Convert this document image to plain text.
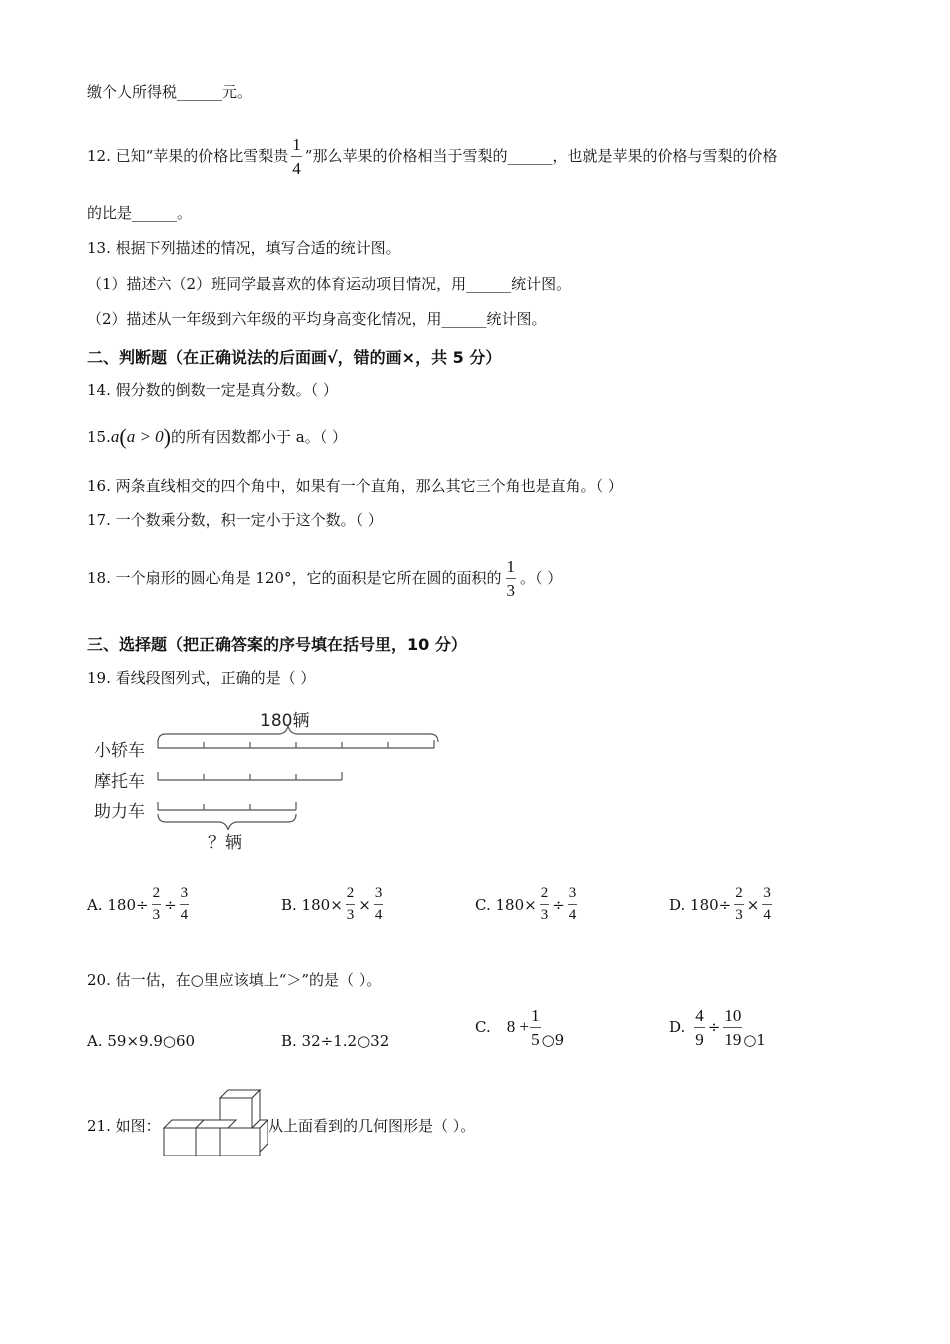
缴个人所得税______元。
12. 已知“苹果的价格比雪梨贵 $\frac{1}{4}$ ”那么苹果的价格相当于雪梨的______，也就是苹果的价格与雪梨的价格
的比是______。
13. 根据下列描述的情况，填写合适的统计图。
（1）描述六（2）班同学最喜欢的体育运动项目情况，用______统计图。
（2）描述从一年级到六年级的平均身高变化情况，用______统计图。
二、判断题（在正确说法的后面画√，错的画×，共 5 分）
14. 假分数的倒数一定是真分数。（ ）
15. a ( a > 0 ) 的所有因数都小于 a。（ ）
16. 两条直线相交的四个角中，如果有一个直角，那么其它三个角也是直角。（ ）
17. 一个数乘分数，积一定小于这个数。（ ）
18. 一个扇形的圆心角是 120°，它的面积是它所在圆的面积的 $\frac{1}{3}$ 。（ ）
三、选择题（把正确答案的序号填在括号里，10 分）
19. 看线段图列式，正确的是（ ）
180辆
小轿车
摩托车
助力车
？辆
A. $180\div \frac{2}{3} \div \frac{3}{4}$	B. $180\times \frac{2}{3} \times \frac{3}{4}$	C. $180\times \frac{2}{3} \div \frac{3}{4}$	D. $180\div \frac{2}{3} \times \frac{3}{4}$
20. 估一估，在○里应该填上“＞”的是（ ）。
A. 59×9.9○60	B. 32÷1.2○32
C. $8 + \frac{1}{5}$ ○9
D. $\frac{4}{9} \div \frac{10}{19}$ ○1
21. 如图：	从上面看到的几何图形是（ ）。
